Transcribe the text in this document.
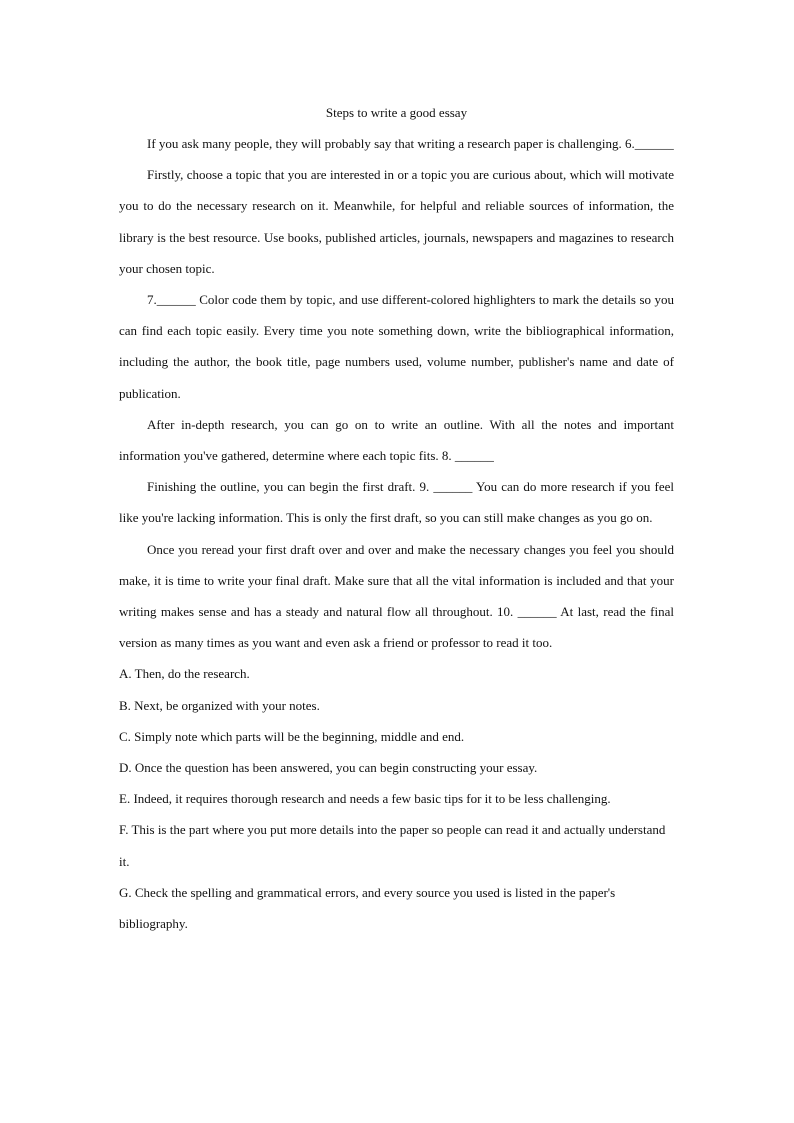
Steps to write a good essay

If you ask many people, they will probably say that writing a research paper is challenging. 6.______

Firstly, choose a topic that you are interested in or a topic you are curious about, which will motivate you to do the necessary research on it. Meanwhile, for helpful and reliable sources of information, the library is the best resource. Use books, published articles, journals, newspapers and magazines to research your chosen topic.

7.______ Color code them by topic, and use different-colored highlighters to mark the details so you can find each topic easily. Every time you note something down, write the bibliographical information, including the author, the book title, page numbers used, volume number, publisher's name and date of publication.

After in-depth research, you can go on to write an outline. With all the notes and important information you've gathered, determine where each topic fits. 8. ______

Finishing the outline, you can begin the first draft. 9. ______ You can do more research if you feel like you're lacking information. This is only the first draft, so you can still make changes as you go on.

Once you reread your first draft over and over and make the necessary changes you feel you should make, it is time to write your final draft. Make sure that all the vital information is included and that your writing makes sense and has a steady and natural flow all throughout. 10. ______ At last, read the final version as many times as you want and even ask a friend or professor to read it too.

A. Then, do the research.
B. Next, be organized with your notes.
C. Simply note which parts will be the beginning, middle and end.
D. Once the question has been answered, you can begin constructing your essay.
E. Indeed, it requires thorough research and needs a few basic tips for it to be less challenging.
F. This is the part where you put more details into the paper so people can read it and actually understand it.
G. Check the spelling and grammatical errors, and every source you used is listed in the paper's bibliography.
